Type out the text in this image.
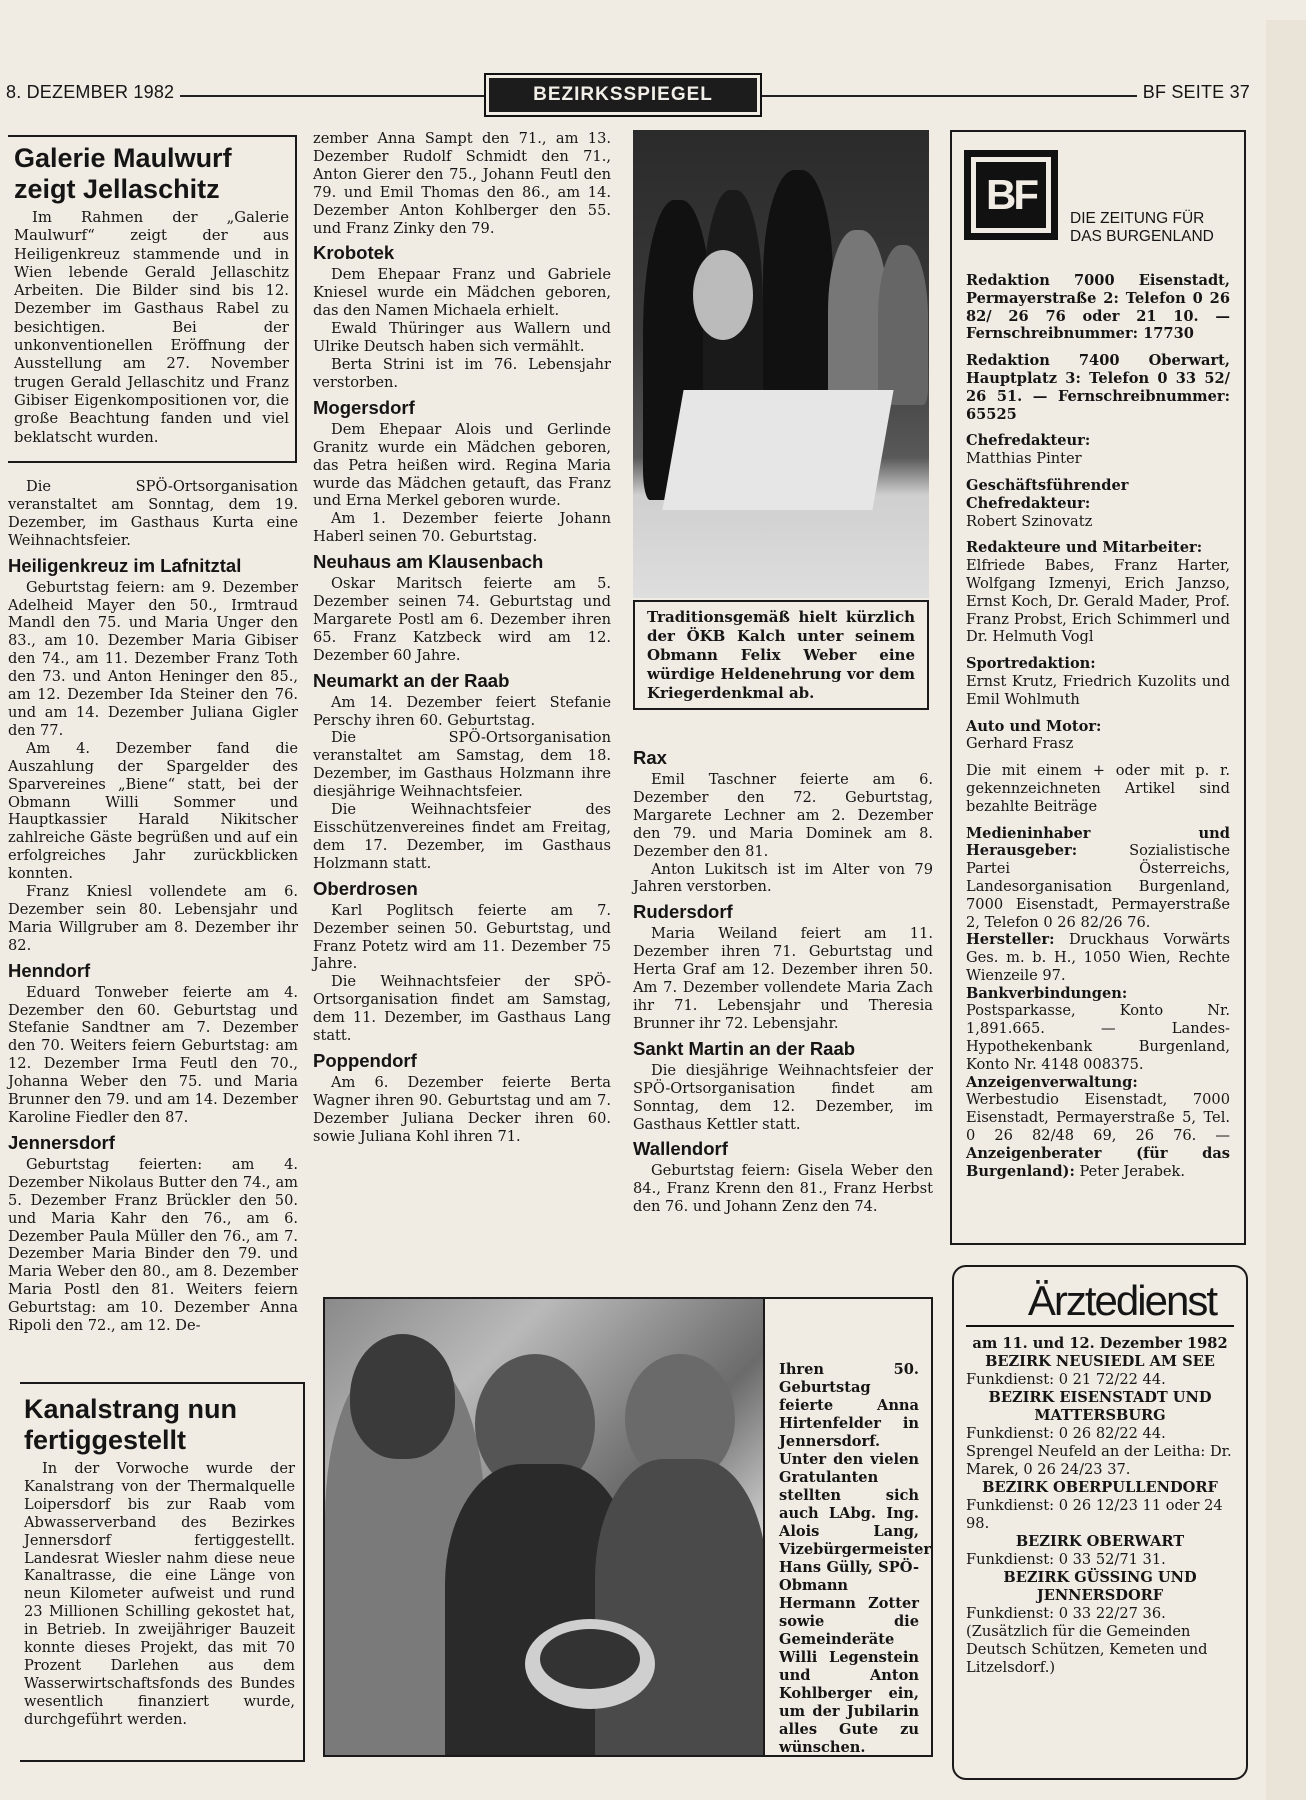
8. DEZEMBER 1982	BEZIRKSSPIEGEL	BF SEITE 37
Galerie Maulwurf zeigt Jellaschitz

Im Rahmen der „Galerie Maulwurf“ zeigt der aus Heiligenkreuz stammende und in Wien lebende Gerald Jellaschitz Arbeiten. Die Bilder sind bis 12. Dezember im Gasthaus Rabel zu besichtigen. Bei der unkonventionellen Eröffnung der Ausstellung am 27. November trugen Gerald Jellaschitz und Franz Gibiser Eigenkompositionen vor, die große Beachtung fanden und viel beklatscht wurden.

Die SPÖ-Ortsorganisation veranstaltet am Sonntag, dem 19. Dezember, im Gasthaus Kurta eine Weihnachtsfeier.

Heiligenkreuz im Lafnitztal

Geburtstag feiern: am 9. Dezember Adelheid Mayer den 50., Irmtraud Mandl den 75. und Maria Unger den 83., am 10. Dezember Maria Gibiser den 74., am 11. Dezember Franz Toth den 73. und Anton Heninger den 85., am 12. Dezember Ida Steiner den 76. und am 14. Dezember Juliana Gigler den 77.

Am 4. Dezember fand die Auszahlung der Spargelder des Sparvereines „Biene“ statt, bei der Obmann Willi Sommer und Hauptkassier Harald Nikitscher zahlreiche Gäste begrüßen und auf ein erfolgreiches Jahr zurückblicken konnten.

Franz Kniesl vollendete am 6. Dezember sein 80. Lebensjahr und Maria Willgruber am 8. Dezember ihr 82.

Henndorf

Eduard Tonweber feierte am 4. Dezember den 60. Geburtstag und Stefanie Sandtner am 7. Dezember den 70. Weiters feiern Geburtstag: am 12. Dezember Irma Feutl den 70., Johanna Weber den 75. und Maria Brunner den 79. und am 14. Dezember Karoline Fiedler den 87.

Jennersdorf

Geburtstag feierten: am 4. Dezember Nikolaus Butter den 74., am 5. Dezember Franz Brückler den 50. und Maria Kahr den 76., am 6. Dezember Paula Müller den 76., am 7. Dezember Maria Binder den 79. und Maria Weber den 80., am 8. Dezember Maria Postl den 81. Weiters feiern Geburtstag: am 10. Dezember Anna Ripoli den 72., am 12. De-

Kanalstrang nun fertiggestellt

In der Vorwoche wurde der Kanalstrang von der Thermalquelle Loipersdorf bis zur Raab vom Abwasserverband des Bezirkes Jennersdorf fertiggestellt. Landesrat Wiesler nahm diese neue Kanaltrasse, die eine Länge von neun Kilometer aufweist und rund 23 Millionen Schilling gekostet hat, in Betrieb. In zweijähriger Bauzeit konnte dieses Projekt, das mit 70 Prozent Darlehen aus dem Wasserwirtschaftsfonds des Bundes wesentlich finanziert wurde, durchgeführt werden.

zember Anna Sampt den 71., am 13. Dezember Rudolf Schmidt den 71., Anton Gierer den 75., Johann Feutl den 79. und Emil Thomas den 86., am 14. Dezember Anton Kohlberger den 55. und Franz Zinky den 79.

Krobotek

Dem Ehepaar Franz und Gabriele Kniesel wurde ein Mädchen geboren, das den Namen Michaela erhielt.

Ewald Thüringer aus Wallern und Ulrike Deutsch haben sich vermählt.

Berta Strini ist im 76. Lebensjahr verstorben.

Mogersdorf

Dem Ehepaar Alois und Gerlinde Granitz wurde ein Mädchen geboren, das Petra heißen wird. Regina Maria wurde das Mädchen getauft, das Franz und Erna Merkel geboren wurde.

Am 1. Dezember feierte Johann Haberl seinen 70. Geburtstag.

Neuhaus am Klausenbach

Oskar Maritsch feierte am 5. Dezember seinen 74. Geburtstag und Margarete Postl am 6. Dezember ihren 65. Franz Katzbeck wird am 12. Dezember 60 Jahre.

Neumarkt an der Raab

Am 14. Dezember feiert Stefanie Perschy ihren 60. Geburtstag.

Die SPÖ-Ortsorganisation veranstaltet am Samstag, dem 18. Dezember, im Gasthaus Holzmann ihre diesjährige Weihnachtsfeier.

Die Weihnachtsfeier des Eisschützenvereines findet am Freitag, dem 17. Dezember, im Gasthaus Holzmann statt.

Oberdrosen

Karl Poglitsch feierte am 7. Dezember seinen 50. Geburtstag, und Franz Potetz wird am 11. Dezember 75 Jahre.

Die Weihnachtsfeier der SPÖ-Ortsorganisation findet am Samstag, dem 11. Dezember, im Gasthaus Lang statt.

Poppendorf

Am 6. Dezember feierte Berta Wagner ihren 90. Geburtstag und am 7. Dezember Juliana Decker ihren 60. sowie Juliana Kohl ihren 71.

Traditionsgemäß hielt kürzlich der ÖKB Kalch unter seinem Obmann Felix Weber eine würdige Heldenehrung vor dem Kriegerdenkmal ab.
Rax

Emil Taschner feierte am 6. Dezember den 72. Geburtstag, Margarete Lechner am 2. Dezember den 79. und Maria Dominek am 8. Dezember den 81.

Anton Lukitsch ist im Alter von 79 Jahren verstorben.

Rudersdorf

Maria Weiland feiert am 11. Dezember ihren 71. Geburtstag und Herta Graf am 12. Dezember ihren 50. Am 7. Dezember vollendete Maria Zach ihr 71. Lebensjahr und Theresia Brunner ihr 72. Lebensjahr.

Sankt Martin an der Raab

Die diesjährige Weihnachtsfeier der SPÖ-Ortsorganisation findet am Sonntag, dem 12. Dezember, im Gasthaus Kettler statt.

Wallendorf

Geburtstag feiern: Gisela Weber den 84., Franz Krenn den 81., Franz Herbst den 76. und Johann Zenz den 74.

BF
DIE ZEITUNG FÜR
DAS BURGENLAND

Redaktion 7000 Eisenstadt, Permayerstraße 2: Telefon 0 26 82/ 26 76 oder 21 10. — Fernschreibnummer: 17730

Redaktion 7400 Oberwart, Hauptplatz 3: Telefon 0 33 52/ 26 51. — Fernschreibnummer: 65525

Chefredakteur:
Matthias Pinter

Geschäftsführender Chefredakteur:
Robert Szinovatz

Redakteure und Mitarbeiter:
Elfriede Babes, Franz Harter, Wolfgang Izmenyi, Erich Janzso, Ernst Koch, Dr. Gerald Mader, Prof. Franz Probst, Erich Schimmerl und Dr. Helmuth Vogl

Sportredaktion:
Ernst Krutz, Friedrich Kuzolits und Emil Wohlmuth

Auto und Motor:
Gerhard Frasz

Die mit einem + oder mit p. r. gekennzeichneten Artikel sind bezahlte Beiträge

Medieninhaber und Herausgeber:	Sozialistische Partei Österreichs, Landesorganisation Burgenland, 7000 Eisenstadt, Permayerstraße 2, Telefon 0 26 82/26 76.

Hersteller: Druckhaus Vorwärts Ges. m. b. H., 1050 Wien, Rechte Wienzeile 97.

Bankverbindungen: Postsparkasse, Konto Nr. 1,891.665. — Landes-Hypothekenbank Burgenland, Konto Nr. 4148 008375.

Anzeigenverwaltung: Werbestudio Eisenstadt, 7000 Eisenstadt, Permayerstraße 5, Tel. 0 26 82/48 69, 26 76. — Anzeigenberater (für das Burgenland): Peter Jerabek.

Ärztedienst

am 11. und 12. Dezember 1982

BEZIRK NEUSIEDL AM SEE

Funkdienst: 0 21 72/22 44.

BEZIRK EISENSTADT UND MATTERSBURG

Funkdienst: 0 26 82/22 44.

Sprengel Neufeld an der Leitha: Dr. Marek, 0 26 24/23 37.

BEZIRK OBERPULLENDORF

Funkdienst: 0 26 12/23 11 oder 24 98.

BEZIRK OBERWART

Funkdienst: 0 33 52/71 31.

BEZIRK GÜSSING UND JENNERSDORF

Funkdienst: 0 33 22/27 36.

(Zusätzlich für die Gemeinden Deutsch Schützen, Kemeten und Litzelsdorf.)

Ihren 50. Geburtstag feierte Anna Hirtenfelder in Jennersdorf. Unter den vielen Gratulanten stellten sich auch LAbg. Ing. Alois Lang, Vizebürgermeister Hans Gülly, SPÖ-Obmann Hermann Zotter sowie die Gemeinderäte Willi Legenstein und Anton Kohlberger ein, um der Jubilarin alles Gute zu wünschen.
